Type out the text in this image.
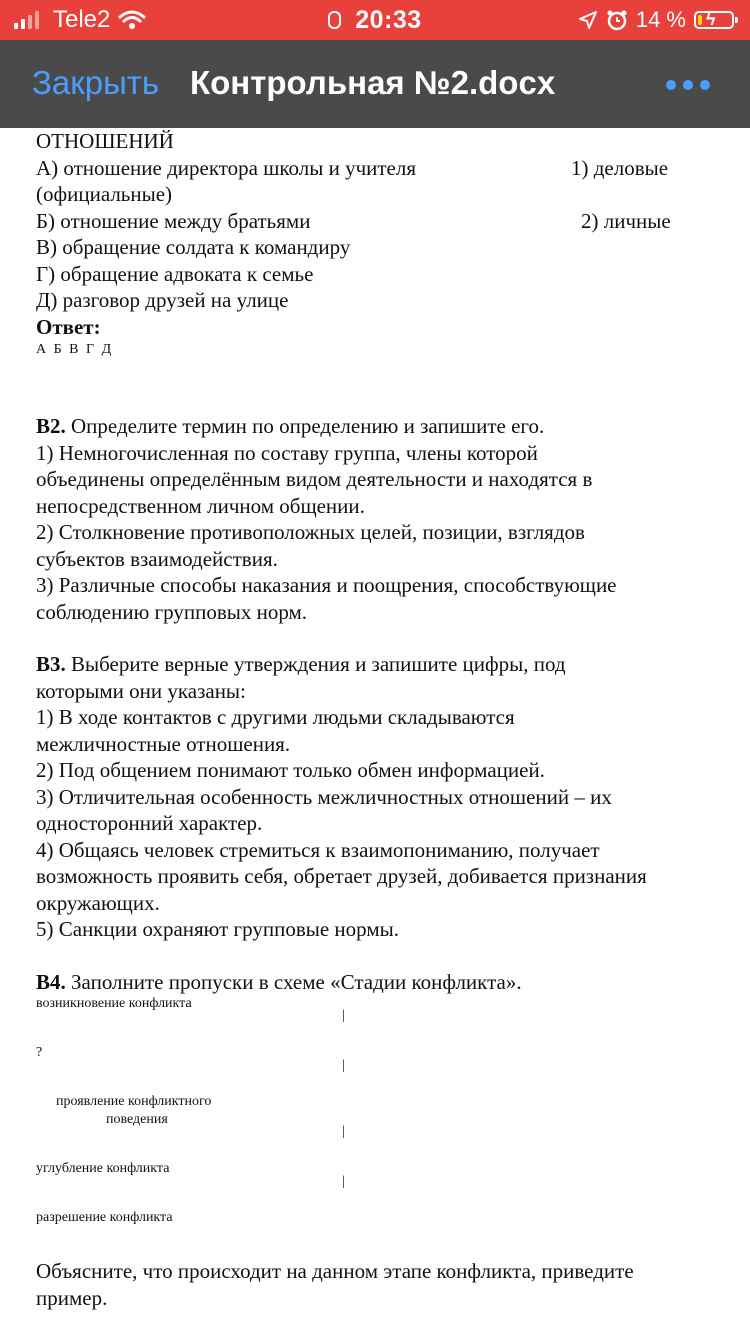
Tele2	20:33	14 % ϟ
Закрыть Контрольная №2.docx
ОТНОШЕНИЙ
А) отношение директора школы и учителя	1) деловые
(официальные)
Б) отношение между братьями	2) личные
В) обращение солдата к командиру
Г) обращение адвоката к семье
Д) разговор друзей на улице
Ответ:
А Б В Г Д
В2. Определите термин по определению и запишите его.
1) Немногочисленная по составу группа, члены которой
объединены определённым видом деятельности и находятся в
непосредственном личном общении.
2) Столкновение противоположных целей, позиции, взглядов
субъектов взаимодействия.
3) Различные способы наказания и поощрения, способствующие
соблюдению групповых норм.
В3. Выберите верные утверждения и запишите цифры, под
которыми они указаны:
1) В ходе контактов с другими людьми складываются
межличностные отношения.
2) Под общением понимают только обмен информацией.
3) Отличительная особенность межличностных отношений – их
односторонний характер.
4) Общаясь человек стремиться к взаимопониманию, получает
возможность проявить себя, обретает друзей, добивается признания
окружающих.
5) Санкции охраняют групповые нормы.
В4. Заполните пропуски в схеме «Стадии конфликта».
возникновение конфликта
|
?
|
проявление конфликтного
поведения
|
углубление конфликта
|
разрешение конфликта
Объясните, что происходит на данном этапе конфликта, приведите
пример.
